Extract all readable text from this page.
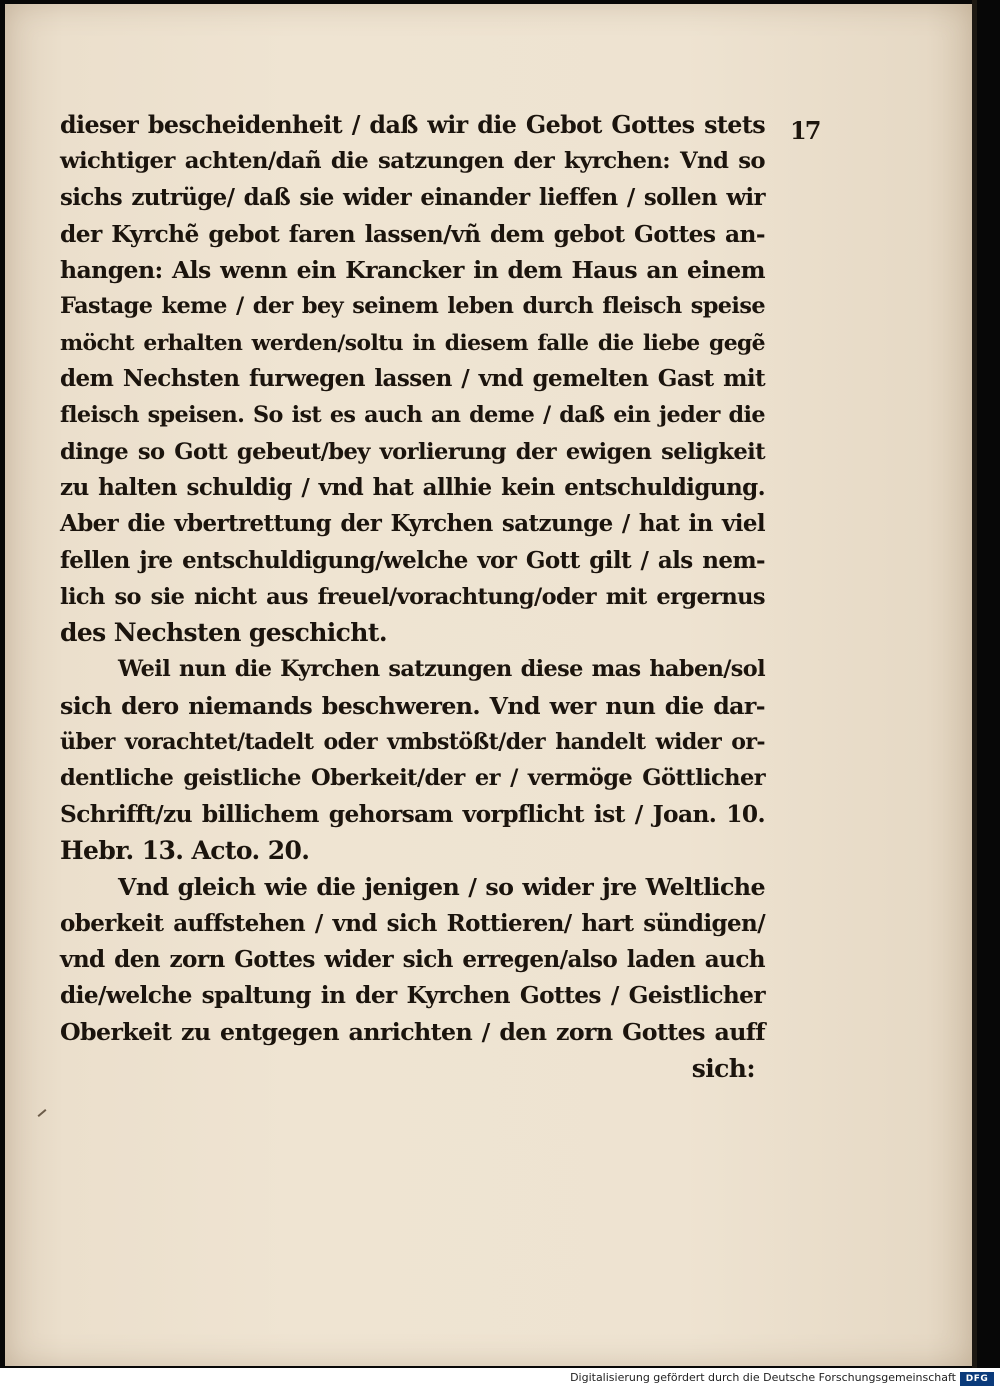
17
dieser bescheidenheit / daß wir die Gebot Gottes stets
wichtiger achten/dañ die satzungen der kyrchen: Vnd so
sichs zutrüge/ daß sie wider einander lieffen / sollen wir
der Kyrchẽ gebot faren lassen/vñ dem gebot Gottes an-
hangen: Als wenn ein Krancker in dem Haus an einem
Fastage keme / der bey seinem leben durch fleisch speise
möcht erhalten werden/soltu in diesem falle die liebe gegẽ
dem Nechsten furwegen lassen / vnd gemelten Gast mit
fleisch speisen. So ist es auch an deme / daß ein jeder die
dinge so Gott gebeut/bey vorlierung der ewigen seligkeit
zu halten schuldig / vnd hat allhie kein entschuldigung.
Aber die vbertrettung der Kyrchen satzunge / hat in viel
fellen jre entschuldigung/welche vor Gott gilt / als nem-
lich so sie nicht aus freuel/vorachtung/oder mit ergernus
des Nechsten geschicht.
Weil nun die Kyrchen satzungen diese mas haben/sol
sich dero niemands beschweren. Vnd wer nun die dar-
über vorachtet/tadelt oder vmbstößt/der handelt wider or-
dentliche geistliche Oberkeit/der er / vermöge Göttlicher
Schrifft/zu billichem gehorsam vorpflicht ist / Joan. 10.
Hebr. 13. Acto. 20.
Vnd gleich wie die jenigen / so wider jre Weltliche
oberkeit auffstehen / vnd sich Rottieren/ hart sündigen/
vnd den zorn Gottes wider sich erregen/also laden auch
die/welche spaltung in der Kyrchen Gottes / Geistlicher
Oberkeit zu entgegen anrichten / den zorn Gottes auff
sich:
Digitalisierung gefördert durch die Deutsche Forschungsgemeinschaft	DFG
